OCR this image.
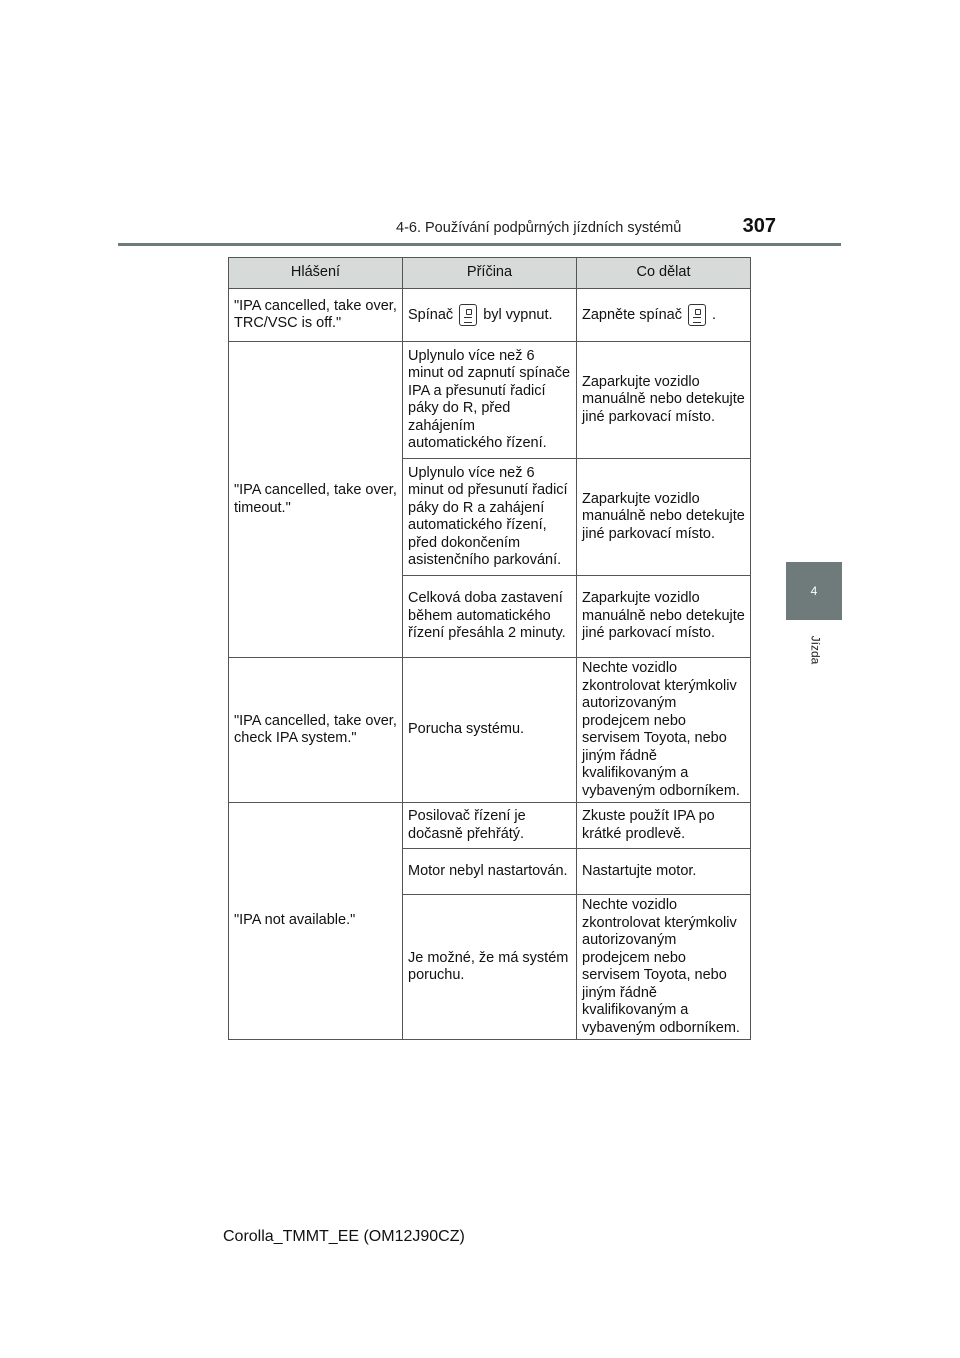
4-6. Používání podpůrných jízdních systémů	307
4
Jízda
Hlášení	Příčina	Co dělat
"IPA cancelled, take over, TRC/VSC is off."	Spínač byl vypnut.	Zapněte spínač .
"IPA cancelled, take over, timeout."	Uplynulo více než 6 minut od zapnutí spínače IPA a přesunutí řadicí páky do R, před zahájením automatického řízení.	Zaparkujte vozidlo manuálně nebo detekujte jiné parkovací místo.
	Uplynulo více než 6 minut od přesunutí řadicí páky do R a zahájení automatického řízení, před dokončením asistenčního parkování.	Zaparkujte vozidlo manuálně nebo detekujte jiné parkovací místo.
	Celková doba zastavení během automatického řízení přesáhla 2 minuty.	Zaparkujte vozidlo manuálně nebo detekujte jiné parkovací místo.
"IPA cancelled, take over, check IPA system."	Porucha systému.	Nechte vozidlo zkontrolovat kterýmkoliv autorizovaným prodejcem nebo servisem Toyota, nebo jiným řádně kvalifikovaným a vybaveným odborníkem.
"IPA not available."	Posilovač řízení je dočasně přehřátý.	Zkuste použít IPA po krátké prodlevě.
	Motor nebyl nastartován.	Nastartujte motor.
	Je možné, že má systém poruchu.	Nechte vozidlo zkontrolovat kterýmkoliv autorizovaným prodejcem nebo servisem Toyota, nebo jiným řádně kvalifikovaným a vybaveným odborníkem.
Corolla_TMMT_EE (OM12J90CZ)
